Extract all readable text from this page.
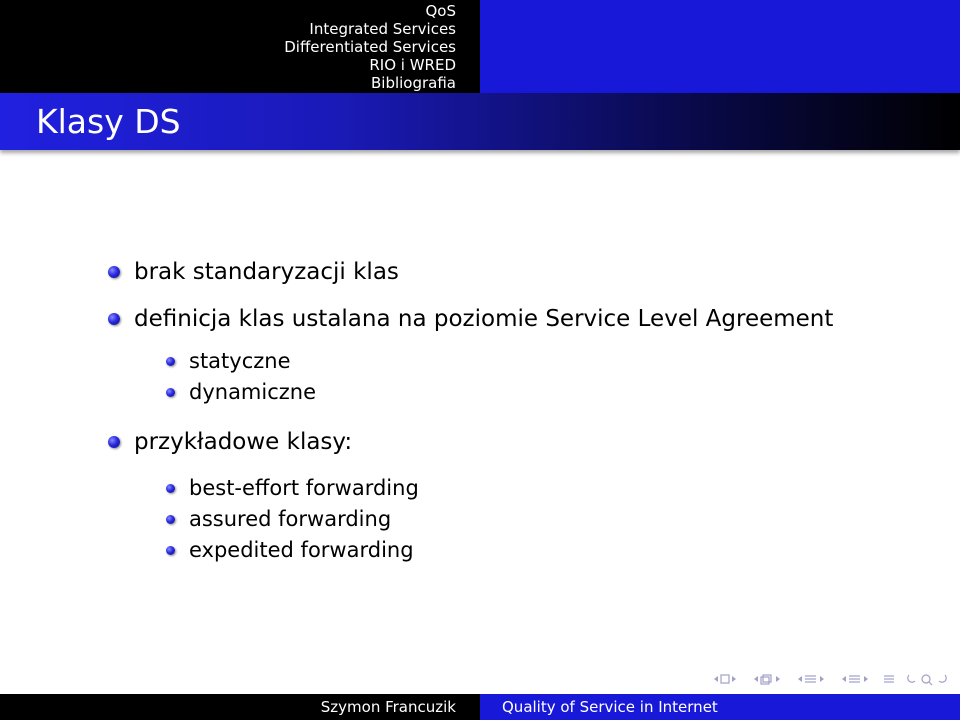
QoS
Integrated Services
Differentiated Services
RIO i WRED
Bibliografia
Klasy DS
brak standaryzacji klas
definicja klas ustalana na poziomie Service Level Agreement
statyczne
dynamiczne
przykładowe klasy:
best-effort forwarding
assured forwarding
expedited forwarding
Szymon Francuzik	Quality of Service in Internet
